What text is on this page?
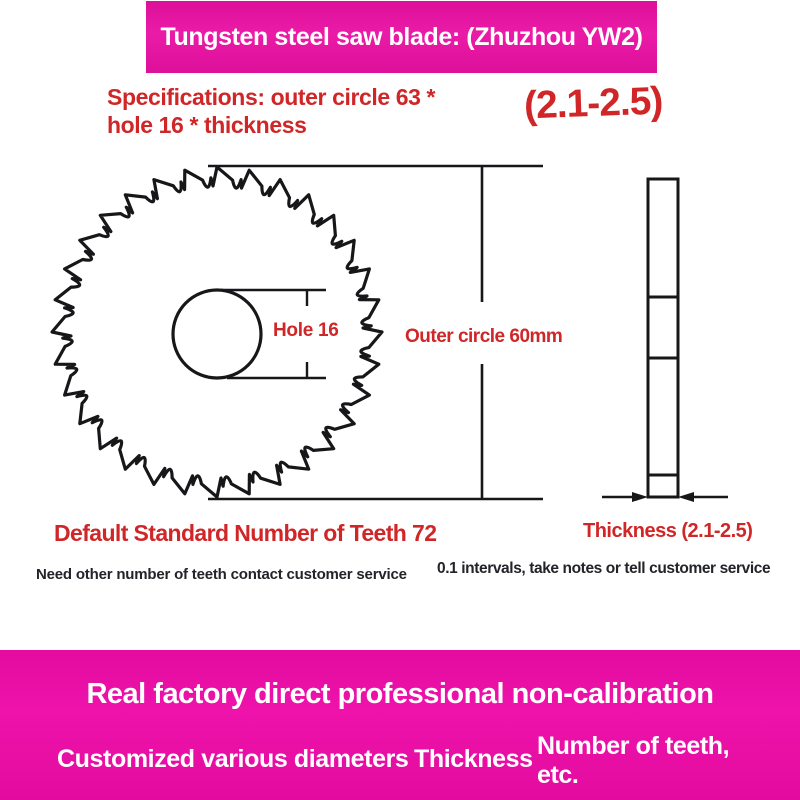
Tungsten steel saw blade: (Zhuzhou YW2)
Specifications: outer circle 63 *
hole 16 * thickness	(2.1-2.5)
Hole 16	Outer circle 60mm
Default Standard Number of Teeth 72
Need other number of teeth contact customer service
Thickness (2.1-2.5)
0.1 intervals, take notes or tell customer service
Real factory direct professional non-calibration
Customized various diameters Thickness Number of teeth, etc.
